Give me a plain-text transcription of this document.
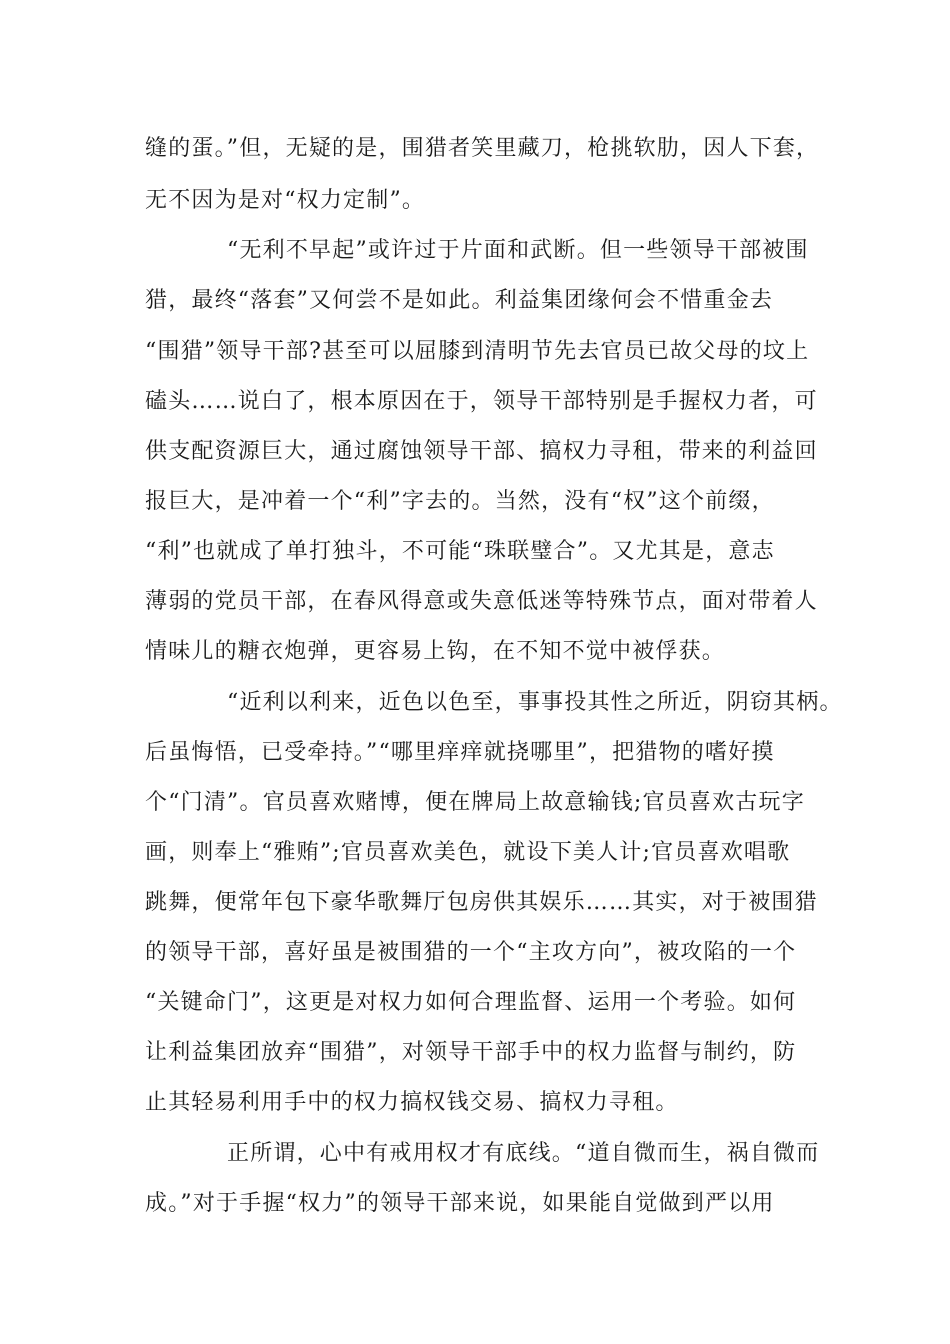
缝的蛋。”但，无疑的是，围猎者笑里藏刀，枪挑软肋，因人下套，
无不因为是对“权力定制”。
“无利不早起”或许过于片面和武断。但一些领导干部被围
猎，最终“落套”又何尝不是如此。利益集团缘何会不惜重金去
“围猎”领导干部?甚至可以屈膝到清明节先去官员已故父母的坟上
磕头……说白了，根本原因在于，领导干部特别是手握权力者，可
供支配资源巨大，通过腐蚀领导干部、搞权力寻租，带来的利益回
报巨大，是冲着一个“利”字去的。当然，没有“权”这个前缀，
“利”也就成了单打独斗，不可能“珠联璧合”。又尤其是，意志
薄弱的党员干部，在春风得意或失意低迷等特殊节点，面对带着人
情味儿的糖衣炮弹，更容易上钩，在不知不觉中被俘获。
“近利以利来，近色以色至，事事投其性之所近，阴窃其柄。
后虽悔悟，已受牵持。”“哪里痒痒就挠哪里”，把猎物的嗜好摸
个“门清”。官员喜欢赌博，便在牌局上故意输钱;官员喜欢古玩字
画，则奉上“雅贿”;官员喜欢美色，就设下美人计;官员喜欢唱歌
跳舞，便常年包下豪华歌舞厅包房供其娱乐……其实，对于被围猎
的领导干部，喜好虽是被围猎的一个“主攻方向”，被攻陷的一个
“关键命门”，这更是对权力如何合理监督、运用一个考验。如何
让利益集团放弃“围猎”，对领导干部手中的权力监督与制约，防
止其轻易利用手中的权力搞权钱交易、搞权力寻租。
正所谓，心中有戒用权才有底线。“道自微而生，祸自微而
成。”对于手握“权力”的领导干部来说，如果能自觉做到严以用
